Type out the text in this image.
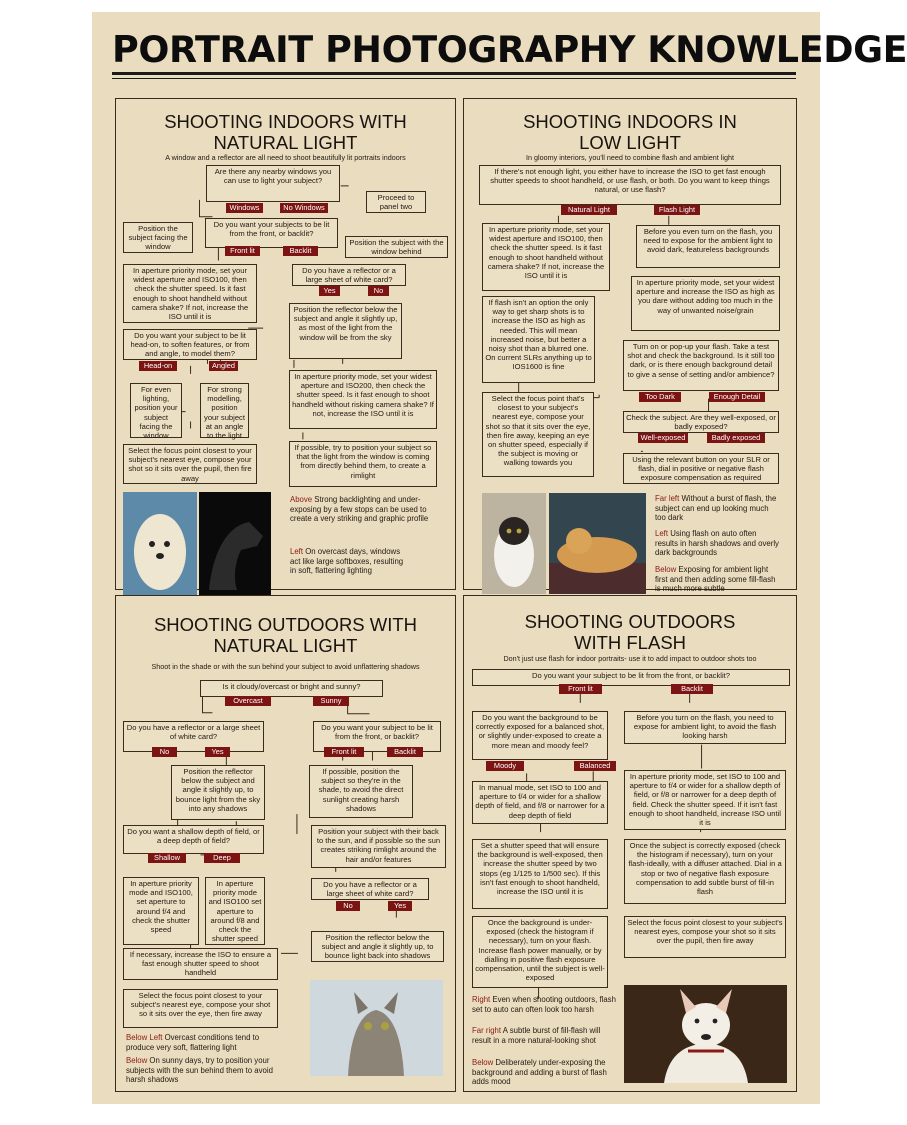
PORTRAIT PHOTOGRAPHY KNOWLEDGE
SHOOTING INDOORS WITH
NATURAL LIGHT
A window and a reflector are all need to shoot beautifully lit portraits indoors
Are there any nearby windows you can use to light your subject?
Windows	No Windows
Proceed to panel two
Do you want your subjects to be lit from the front, or backlit?
Front lit	Backlit
Position the subject facing the window	Position the subject with the window behind
In aperture priority mode, set your widest aperture and ISO100, then check the shutter speed. Is it fast enough to shoot handheld without camera shake? If not, increase the ISO until it is
Do you have a reflector or a large sheet of white card?
Yes	No
Position the reflector below the subject and angle it slightly up, as most of the light from the window will be from the sky
Do you want your subject to be lit head-on, to soften features, or from and angle, to model them?
Head-on	Angled
For even lighting, position your subject facing the window
For strong modelling, position your subject at an angle to the light
In aperture priority mode, set your widest aperture and ISO200, then check the shutter speed. Is it fast enough to shoot handheld without risking camera shake? If not, increase the ISO until it is
Select the focus point closest to your subject's nearest eye, compose your shot so it sits over the pupil, then fire away
If possible, try to position your subject so that the light from the window is coming from directly behind them, to create a rimlight
Above Strong backlighting and under-exposing by a few stops can be used to create a very striking and graphic profile
Left On overcast days, windows act like large softboxes, resulting in soft, flattering lighting
SHOOTING INDOORS IN
LOW LIGHT
In gloomy interiors, you'll need to combine flash and ambient light
If there's not enough light, you either have to increase the ISO to get fast enough shutter speeds to shoot handheld, or use flash, or both. Do you want to keep things natural, or use flash?
Natural Light	Flash Light
In aperture priority mode, set your widest aperture and ISO100, then check the shutter speed. Is it fast enough to shoot handheld without camera shake? If not, increase the ISO until it is
Before you even turn on the flash, you need to expose for the ambient light to avoid dark, featureless backgrounds
In aperture priority mode, set your widest aperture and increase the ISO as high as you dare without adding too much in the way of unwanted noise/grain
If flash isn't an option the only way to get sharp shots is to increase the ISO as high as needed. This will mean increased noise, but better a noisy shot than a blurred one. On current SLRs anything up to IOS1600 is fine
Turn on or pop-up your flash. Take a test shot and check the background. Is it still too dark, or is there enough background detail to give a sense of setting and/or ambience?
Too Dark	Enough Detail
Select the focus point that's closest to your subject's nearest eye, compose your shot so that it sits over the eye, then fire away, keeping an eye on shutter speed, especially if the subject is moving or walking towards you
Check the subject. Are they well-exposed, or badly exposed?
Well-exposed	Badly exposed
Using the relevant button on your SLR or flash, dial in positive or negative flash exposure compensation as required
Far left Without a burst of flash, the subject can end up looking much too dark
Left Using flash on auto often results in harsh shadows and overly dark backgrounds
Below Exposing for ambient light first and then adding some fill-flash is much more subtle
SHOOTING OUTDOORS WITH
NATURAL LIGHT
Shoot in the shade or with the sun behind your subject to avoid unflattering shadows
Is it cloudy/overcast or bright and sunny?
Overcast	Sunny
Do you have a reflector or a large sheet of white card?
No	Yes
Do you want your subject to be lit from the front, or backlit?
Front lit	Backlit
Position the reflector below the subject and angle it slightly up, to bounce light from the sky into any shadows
If possible, position the subject so they're in the shade, to avoid the direct sunlight creating harsh shadows
Do you want a shallow depth of field, or a deep depth of field?
Shallow	Deep
Position your subject with their back to the sun, and if possible so the sun creates striking rimlight around the hair and/or features
In aperture priority mode and ISO100, set aperture to around f/4 and check the shutter speed
In aperture priority mode and ISO100 set aperture to around f/8 and check the shutter speed
Do you have a reflector or a large sheet of white card?
No	Yes
Position the reflector below the subject and angle it slightly up, to bounce light back into shadows
If necessary, increase the ISO to ensure a fast enough shutter speed to shoot handheld
Select the focus point closest to your subject's nearest eye, compose your shot so it sits over the eye, then fire away
Below Left Overcast conditions tend to produce very soft, flattering light
Below On sunny days, try to position your subjects with the sun behind them to avoid harsh shadows
SHOOTING OUTDOORS
WITH FLASH
Don't just use flash for indoor portraits- use it to add impact to outdoor shots too
Do you want your subject to be lit from the front, or backlit?
Front lit	Backlit
Do you want the background to be correctly exposed for a balanced shot, or slightly under-exposed to create a more mean and moody feel?
Moody	Balanced
Before you turn on the flash, you need to expose for ambient light, to avoid the flash looking harsh
In manual mode, set ISO to 100 and aperture to f/4 or wider for a shallow depth of field, and f/8 or narrower for a deep depth of field
In aperture priority mode, set ISO to 100 and aperture to f/4 or wider for a shallow depth of field, or f/8 or narrower for a deep depth of field. Check the shutter speed. If it isn't fast enough to shoot handheld, increase ISO until it is
Set a shutter speed that will ensure the background is well-exposed, then increase the shutter speed by two stops (eg 1/125 to 1/500 sec). If this isn't fast enough to shoot handheld, increase the ISO until it is
Once the subject is correctly exposed (check the histogram if necessary), turn on your flash-ideally, with a diffuser attached. Dial in a stop or two of negative flash exposure compensation to add subtle burst of fill-in flash
Once the background is under-exposed (check the histogram if necessary), turn on your flash. Increase flash power manually, or by dialling in positive flash exposure compensation, until the subject is well-exposed
Select the focus point closest to your subject's nearest eyes, compose your shot so it sits over the pupil, then fire away
Right Even when shooting outdoors, flash set to auto can often look too harsh
Far right A subtle burst of fill-flash will result in a more natural-looking shot
Below Deliberately under-exposing the background and adding a burst of flash adds mood
